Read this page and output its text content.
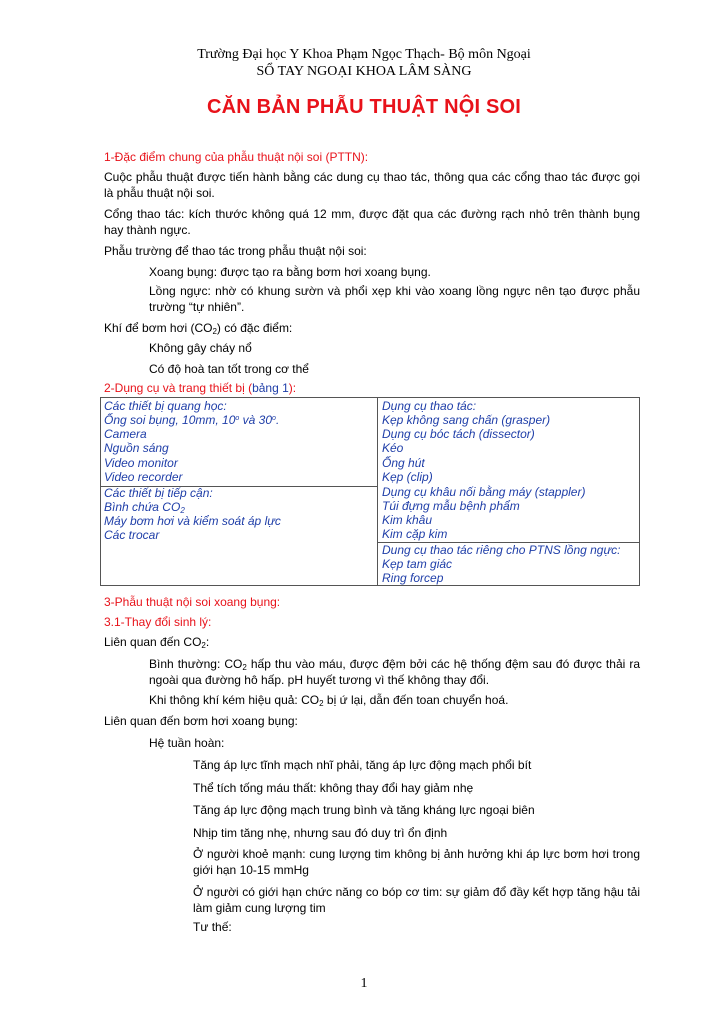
Trường Đại học Y Khoa Phạm Ngọc Thạch- Bộ môn Ngoại
SỔ TAY NGOẠI KHOA LÂM SÀNG
CĂN BẢN PHẪU THUẬT NỘI SOI
1-Đặc điểm chung của phẫu thuật nội soi (PTTN):
Cuộc phẫu thuật được tiến hành bằng các dung cụ thao tác, thông qua các cổng thao tác được gọi là phẫu thuật nội soi.
Cổng thao tác: kích thước không quá 12 mm, được đặt qua các đường rạch nhỏ trên thành bụng hay thành ngực.
Phẫu trường để thao tác trong phẫu thuật nội soi:
Xoang bụng: được tạo ra bằng bơm hơi xoang bụng.
Lồng ngực: nhờ có khung sườn và phổi xẹp khi vào xoang lồng ngực nên tạo được phẫu trường “tự nhiên”.
Khí để bơm hơi $(CO_2)$ có đặc điểm:
Không gây cháy nổ
Có độ hoà tan tốt trong cơ thể
2-Dụng cụ và trang thiết bị (bảng 1):
Các thiết bị quang học:
Ống soi bụng, 10mm, 10$^o$ và 30$^o$.
Camera
Nguồn sáng
Video monitor
Video recorder
Các thiết bị tiếp cận:
Bình chứa $CO_2$
Máy bơm hơi và kiểm soát áp lực
Các trocar
Dụng cụ thao tác:
Kẹp không sang chấn (grasper)
Dụng cụ bóc tách (dissector)
Kéo
Ống hút
Kẹp (clip)
Dụng cụ khâu nối bằng máy (stappler)
Túi đựng mẫu bệnh phẩm
Kim khâu
Kim cặp kim
Dung cụ thao tác riêng cho PTNS lồng ngực:
Kẹp tam giác
Ring forcep
3-Phẫu thuật nội soi xoang bụng:
3.1-Thay đổi sinh lý:
Liên quan đến $CO_2$:
Bình thường: $CO_2$ hấp thu vào máu, được đệm bởi các hệ thống đệm sau đó được thải ra ngoài qua đường hô hấp. pH huyết tương vì thế không thay đổi.
Khi thông khí kém hiệu quả: $CO_2$ bị ứ lại, dẫn đến toan chuyển hoá.
Liên quan đến bơm hơi xoang bụng:
Hệ tuần hoàn:
Tăng áp lực tĩnh mạch nhĩ phải, tăng áp lực động mạch phổi bít
Thể tích tống máu thất: không thay đổi hay giảm nhẹ
Tăng áp lực động mạch trung bình và tăng kháng lực ngoại biên
Nhịp tim tăng nhẹ, nhưng sau đó duy trì ổn định
Ở người khoẻ mạnh: cung lượng tim không bị ảnh hưởng khi áp lực bơm hơi trong giới hạn 10-15 mmHg
Ở người có giới hạn chức năng co bóp cơ tim: sự giảm đổ đầy kết hợp tăng hậu tải làm giảm cung lượng tim
Tư thế:
1
